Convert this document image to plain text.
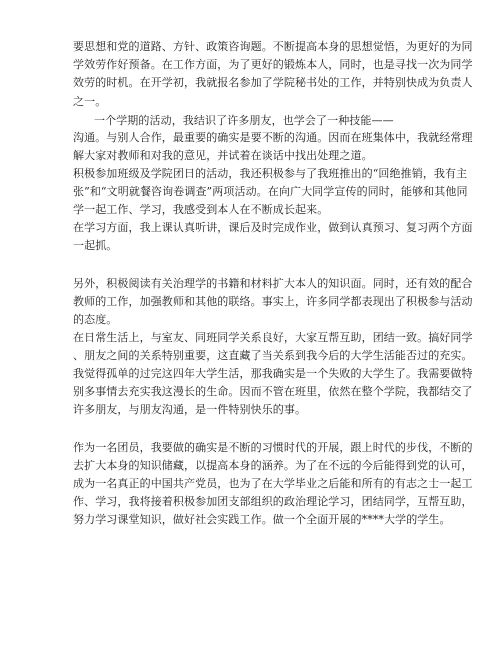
要思想和党的道路、方针、政策咨询题。不断提高本身的思想觉悟，为更好的为同
学效劳作好预备。在工作方面，为了更好的锻炼本人，同时，也是寻找一次为同学
效劳的时机。在开学初，我就报名参加了学院秘书处的工作，并特别快成为负责人
之一。
一个学期的活动，我结识了许多朋友，也学会了一种技能——
沟通。与别人合作，最重要的确实是要不断的沟通。因而在班集体中，我就经常理
解大家对教师和对我的意见，并试着在谈话中找出处理之道。
积极参加班级及学院团日的活动，我还积极参与了我班推出的“回绝推销，我有主
张”和“文明就餐咨询卷调查”两项活动。在向广大同学宣传的同时，能够和其他同
学一起工作、学习，我感受到本人在不断成长起来。
在学习方面，我上课认真听讲，课后及时完成作业，做到认真预习、复习两个方面
一起抓。
另外，积极阅读有关治理学的书籍和材料扩大本人的知识面。同时，还有效的配合
教师的工作，加强教师和其他的联络。事实上，许多同学都表现出了积极参与活动
的态度。
在日常生活上，与室友、同班同学关系良好，大家互帮互助，团结一致。搞好同学
、朋友之间的关系特别重要，这直藏了当关系到我今后的大学生活能否过的充实。
我觉得孤单的过完这四年大学生活，那我确实是一个失败的大学生了。我需要做特
别多事情去充实我这漫长的生命。因而不管在班里，依然在整个学院，我都结交了
许多朋友，与朋友沟通，是一件特别快乐的事。
作为一名团员，我要做的确实是不断的习惯时代的开展，跟上时代的步伐，不断的
去扩大本身的知识储藏，以提高本身的涵养。为了在不远的今后能得到党的认可，
成为一名真正的中国共产党员，也为了在大学毕业之后能和所有的有志之士一起工
作、学习，我将接着积极参加团支部组织的政治理论学习，团结同学，互帮互助，
努力学习课堂知识，做好社会实践工作。做一个全面开展的****大学的学生。
